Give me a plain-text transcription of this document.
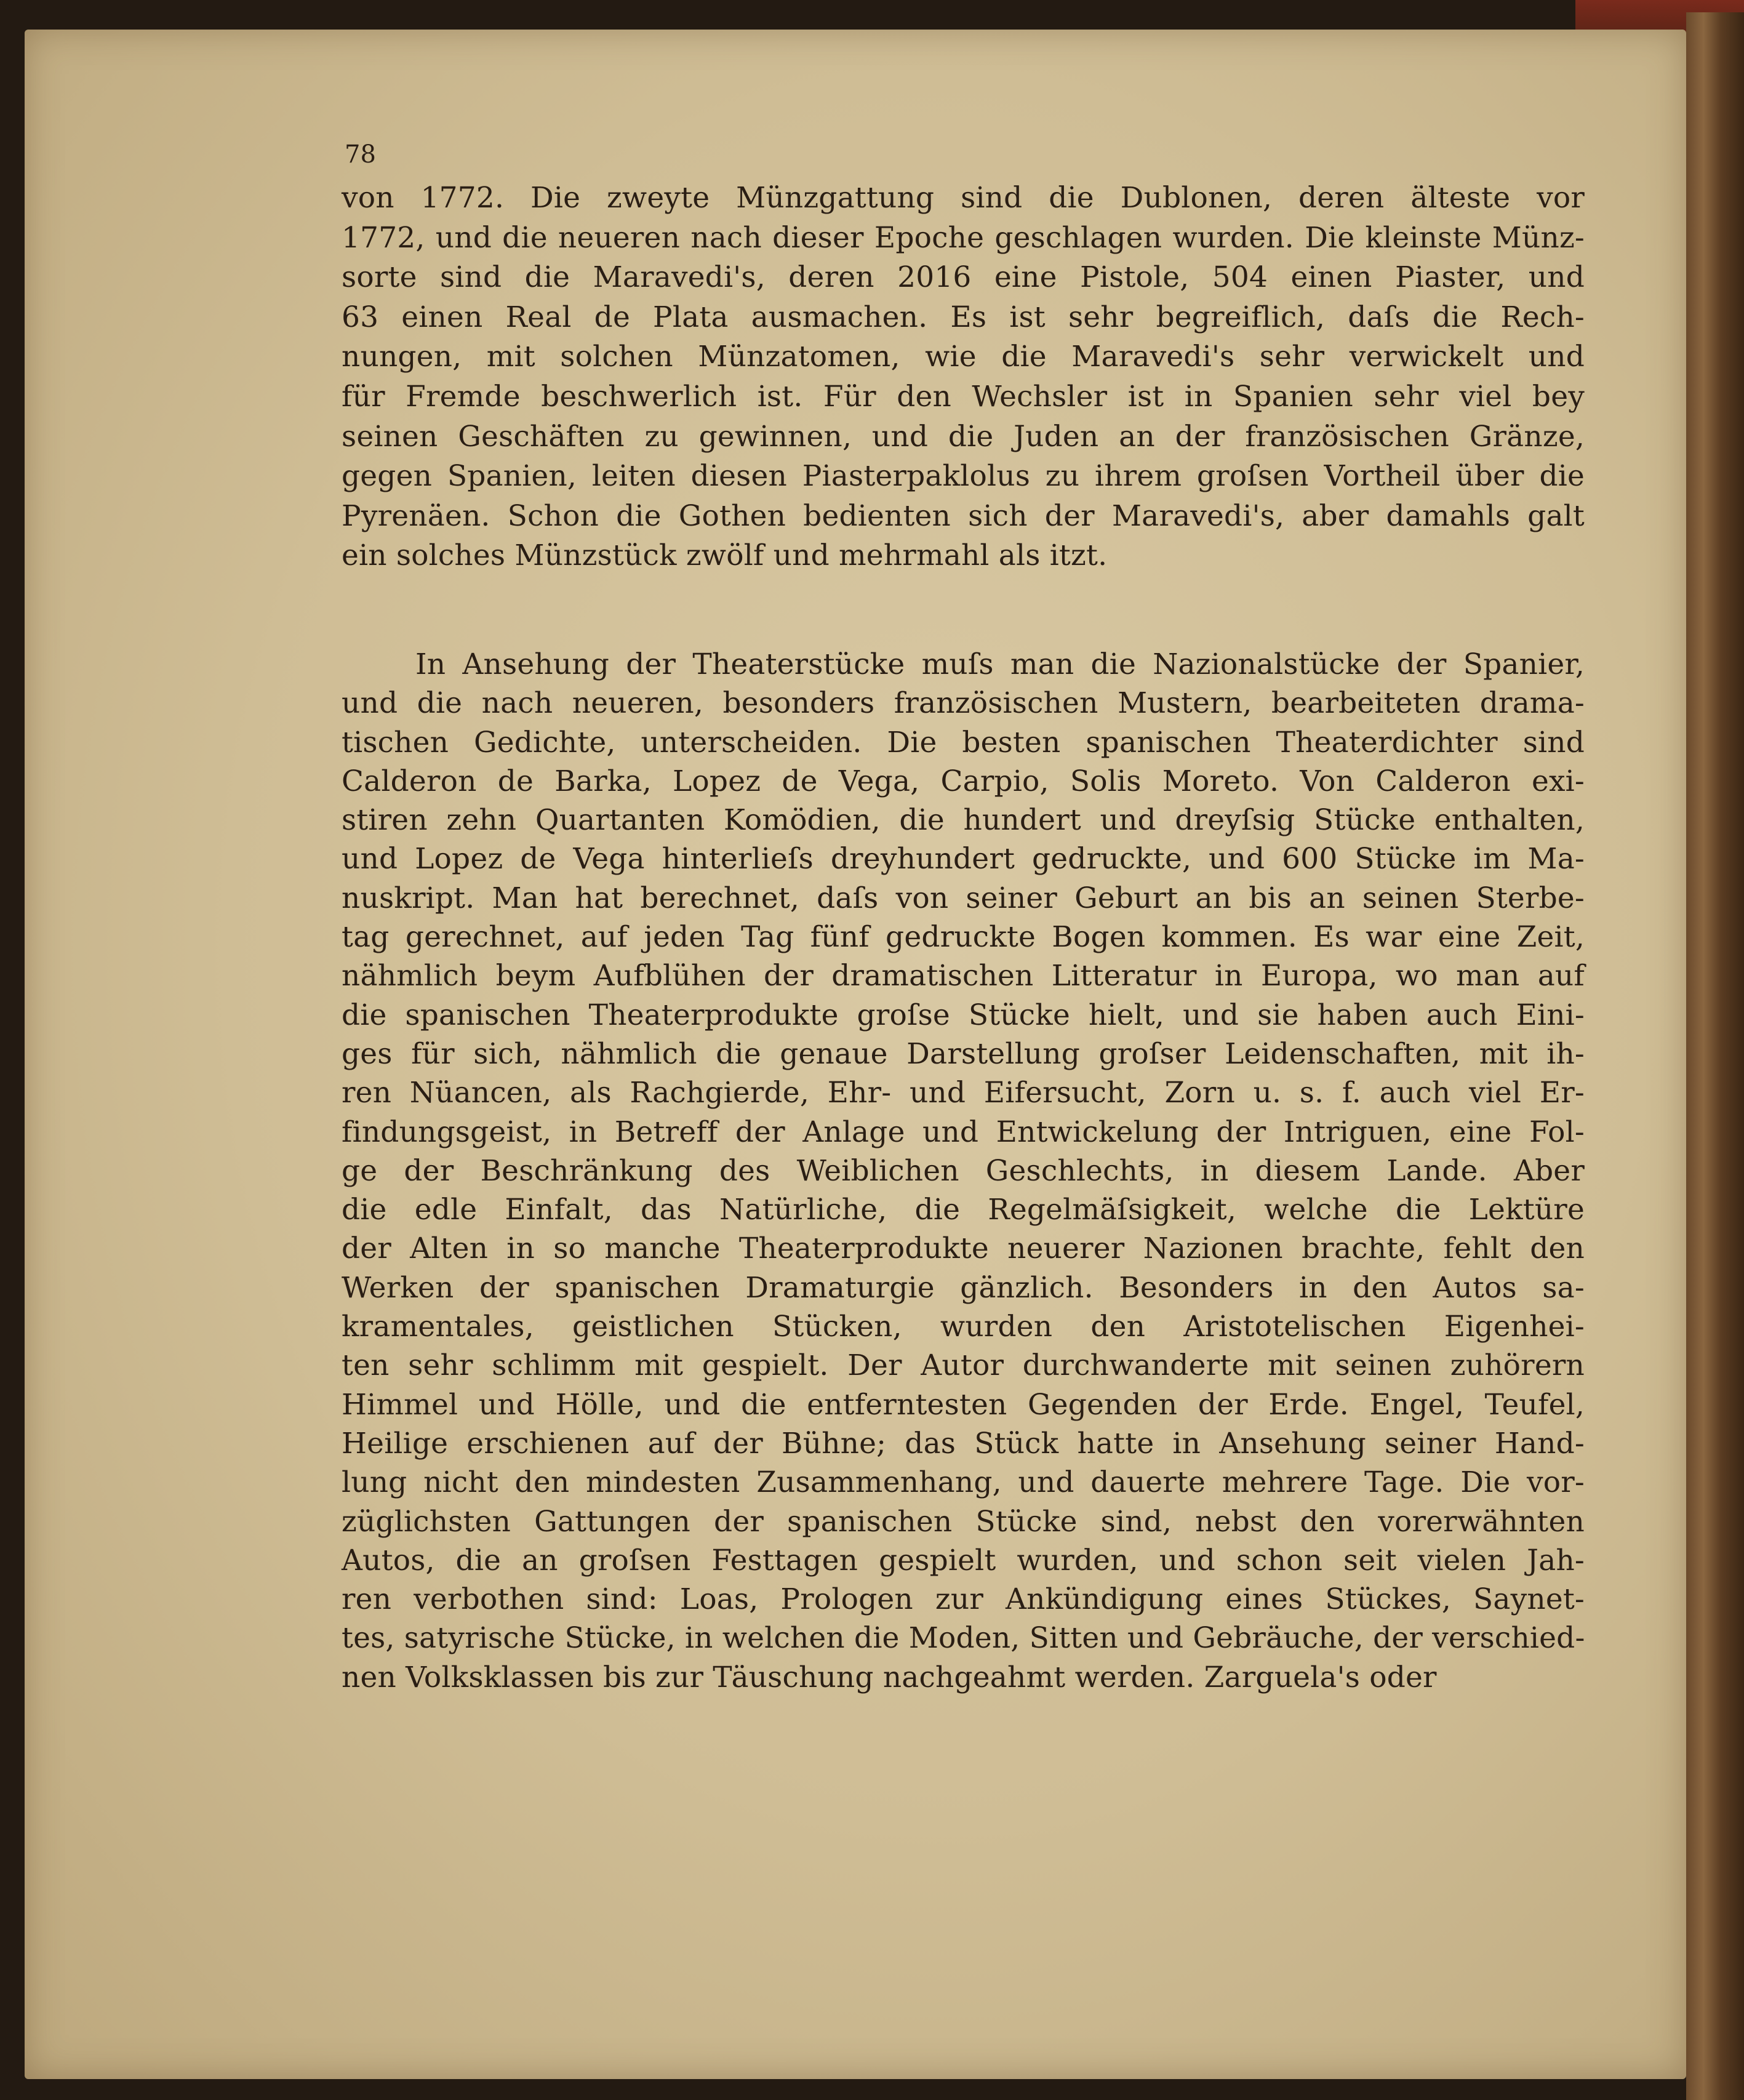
78
von 1772. Die zweyte Münzgattung sind die Dublonen, deren älteste vor
1772, und die neueren nach dieser Epoche geschlagen wurden. Die kleinste Münz-
sorte sind die Maravedi's, deren 2016 eine Pistole, 504 einen Piaster, und
63 einen Real de Plata ausmachen. Es ist sehr begreiflich, daſs die Rech-
nungen, mit solchen Münzatomen, wie die Maravedi's sehr verwickelt und
für Fremde beschwerlich ist. Für den Wechsler ist in Spanien sehr viel bey
seinen Geschäften zu gewinnen, und die Juden an der französischen Gränze,
gegen Spanien, leiten diesen Piasterpaklolus zu ihrem groſsen Vortheil über die
Pyrenäen. Schon die Gothen bedienten sich der Maravedi's, aber damahls galt
ein solches Münzstück zwölf und mehrmahl als itzt.
In Ansehung der Theaterstücke muſs man die Nazionalstücke der Spanier,
und die nach neueren, besonders französischen Mustern, bearbeiteten drama-
tischen Gedichte, unterscheiden. Die besten spanischen Theaterdichter sind
Calderon de Barka, Lopez de Vega, Carpio, Solis Moreto. Von Calderon exi-
stiren zehn Quartanten Komödien, die hundert und dreyſsig Stücke enthalten,
und Lopez de Vega hinterlieſs dreyhundert gedruckte, und 600 Stücke im Ma-
nuskript. Man hat berechnet, daſs von seiner Geburt an bis an seinen Sterbe-
tag gerechnet, auf jeden Tag fünf gedruckte Bogen kommen. Es war eine Zeit,
nähmlich beym Aufblühen der dramatischen Litteratur in Europa, wo man auf
die spanischen Theaterprodukte groſse Stücke hielt, und sie haben auch Eini-
ges für sich, nähmlich die genaue Darstellung groſser Leidenschaften, mit ih-
ren Nüancen, als Rachgierde, Ehr- und Eifersucht, Zorn u. s. f. auch viel Er-
findungsgeist, in Betreff der Anlage und Entwickelung der Intriguen, eine Fol-
ge der Beschränkung des Weiblichen Geschlechts, in diesem Lande. Aber
die edle Einfalt, das Natürliche, die Regelmäſsigkeit, welche die Lektüre
der Alten in so manche Theaterprodukte neuerer Nazionen brachte, fehlt den
Werken der spanischen Dramaturgie gänzlich. Besonders in den Autos sa-
kramentales, geistlichen Stücken, wurden den Aristotelischen Eigenhei-
ten sehr schlimm mit gespielt. Der Autor durchwanderte mit seinen zuhörern
Himmel und Hölle, und die entferntesten Gegenden der Erde. Engel, Teufel,
Heilige erschienen auf der Bühne; das Stück hatte in Ansehung seiner Hand-
lung nicht den mindesten Zusammenhang, und dauerte mehrere Tage. Die vor-
züglichsten Gattungen der spanischen Stücke sind, nebst den vorerwähnten
Autos, die an groſsen Festtagen gespielt wurden, und schon seit vielen Jah-
ren verbothen sind: Loas, Prologen zur Ankündigung eines Stückes, Saynet-
tes, satyrische Stücke, in welchen die Moden, Sitten und Gebräuche, der verschied-
nen Volksklassen bis zur Täuschung nachgeahmt werden. Zarguela's oder
